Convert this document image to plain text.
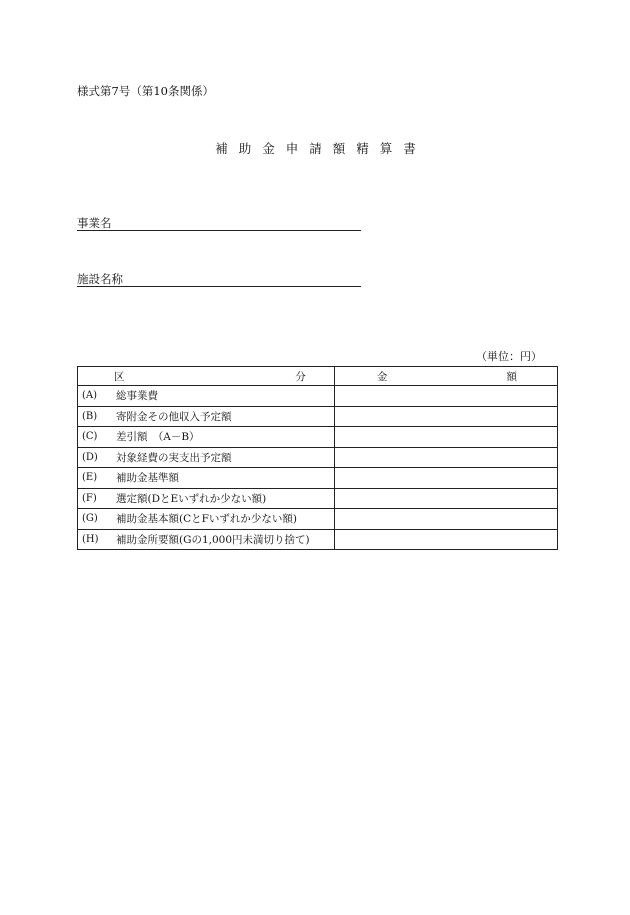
様式第7号（第10条関係）
補助金申請額精算書
事業名
施設名称
（単位：円）
区 分	金 額

(A) 総事業費	

(B) 寄附金その他収入予定額	

(C) 差引額　（A－B）	

(D) 対象経費の実支出予定額	

(E) 補助金基準額	

(F) 選定額(DとEいずれか少ない額)	

(G) 補助金基本額(CとFいずれか少ない額)	

(H) 補助金所要額(Gの1,000円未満切り捨て)	
